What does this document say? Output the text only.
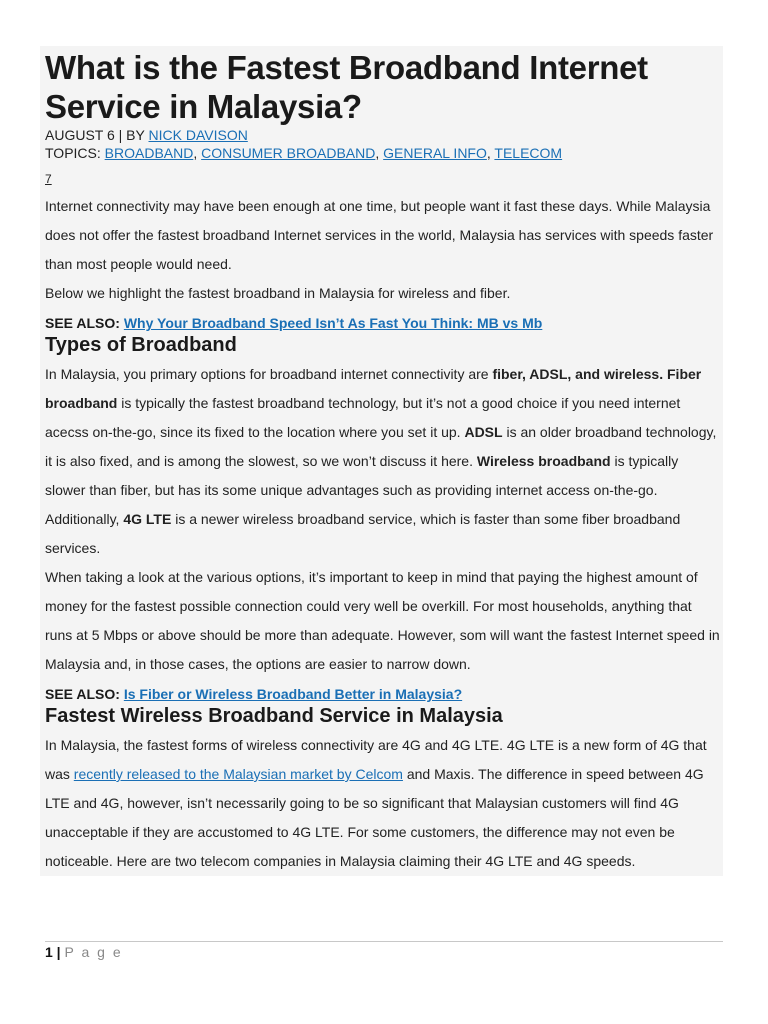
What is the Fastest Broadband Internet Service in Malaysia?
AUGUST 6 | BY NICK DAVISON
TOPICS: BROADBAND, CONSUMER BROADBAND, GENERAL INFO, TELECOM
7

Internet connectivity may have been enough at one time, but people want it fast these days. While Malaysia does not offer the fastest broadband Internet services in the world, Malaysia has services with speeds faster than most people would need.

Below we highlight the fastest broadband in Malaysia for wireless and fiber.

SEE ALSO: Why Your Broadband Speed Isn’t As Fast You Think: MB vs Mb
Types of Broadband

In Malaysia, you primary options for broadband internet connectivity are fiber, ADSL, and wireless. Fiber broadband is typically the fastest broadband technology, but it’s not a good choice if you need internet acecss on-the-go, since its fixed to the location where you set it up. ADSL is an older broadband technology, it is also fixed, and is among the slowest, so we won’t discuss it here. Wireless broadband is typically slower than fiber, but has its some unique advantages such as providing internet access on-the-go. Additionally, 4G LTE is a newer wireless broadband service, which is faster than some fiber broadband services.

When taking a look at the various options, it’s important to keep in mind that paying the highest amount of money for the fastest possible connection could very well be overkill. For most households, anything that runs at 5 Mbps or above should be more than adequate. However, som will want the fastest Internet speed in Malaysia and, in those cases, the options are easier to narrow down.

SEE ALSO: Is Fiber or Wireless Broadband Better in Malaysia?
Fastest Wireless Broadband Service in Malaysia

In Malaysia, the fastest forms of wireless connectivity are 4G and 4G LTE. 4G LTE is a new form of 4G that was recently released to the Malaysian market by Celcom and Maxis. The difference in speed between 4G LTE and 4G, however, isn’t necessarily going to be so significant that Malaysian customers will find 4G unacceptable if they are accustomed to 4G LTE. For some customers, the difference may not even be noticeable. Here are two telecom companies in Malaysia claiming their 4G LTE and 4G speeds.

1 | P a g e
